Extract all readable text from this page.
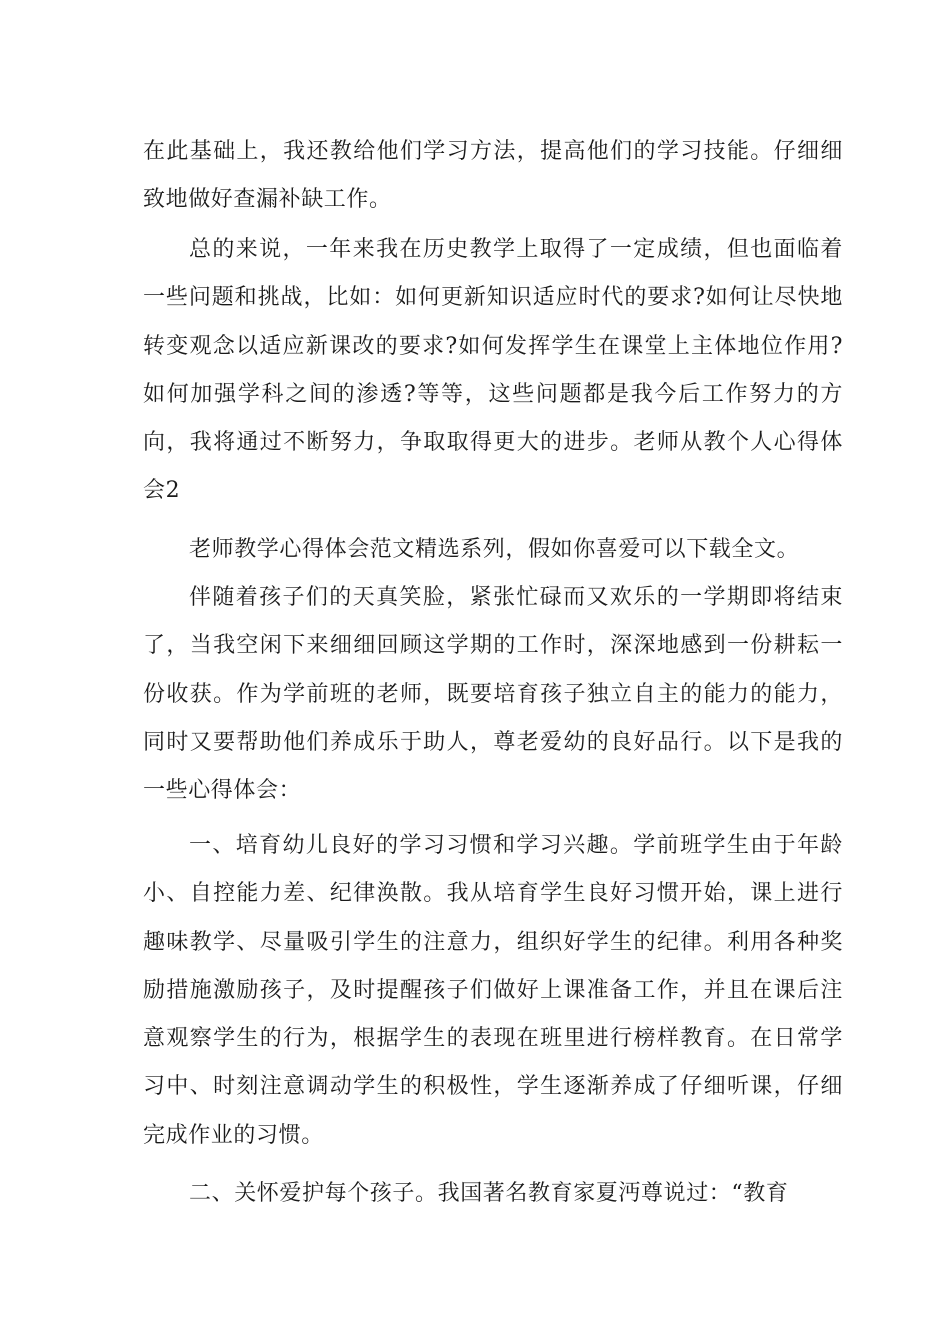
在此基础上，我还教给他们学习方法，提高他们的学习技能。仔细细致地做好查漏补缺工作。

总的来说，一年来我在历史教学上取得了一定成绩，但也面临着一些问题和挑战，比如：如何更新知识适应时代的要求?如何让尽快地转变观念以适应新课改的要求?如何发挥学生在课堂上主体地位作用?如何加强学科之间的渗透?等等，这些问题都是我今后工作努力的方向，我将通过不断努力，争取取得更大的进步。老师从教个人心得体会2

老师教学心得体会范文精选系列，假如你喜爱可以下载全文。

伴随着孩子们的天真笑脸，紧张忙碌而又欢乐的一学期即将结束了，当我空闲下来细细回顾这学期的工作时，深深地感到一份耕耘一份收获。作为学前班的老师，既要培育孩子独立自主的能力的能力，同时又要帮助他们养成乐于助人，尊老爱幼的良好品行。以下是我的一些心得体会：

一、培育幼儿良好的学习习惯和学习兴趣。学前班学生由于年龄小、自控能力差、纪律涣散。我从培育学生良好习惯开始，课上进行趣味教学、尽量吸引学生的注意力，组织好学生的纪律。利用各种奖励措施激励孩子，及时提醒孩子们做好上课准备工作，并且在课后注意观察学生的行为，根据学生的表现在班里进行榜样教育。在日常学习中、时刻注意调动学生的积极性，学生逐渐养成了仔细听课，仔细完成作业的习惯。

二、关怀爱护每个孩子。我国著名教育家夏沔尊说过：“教育
